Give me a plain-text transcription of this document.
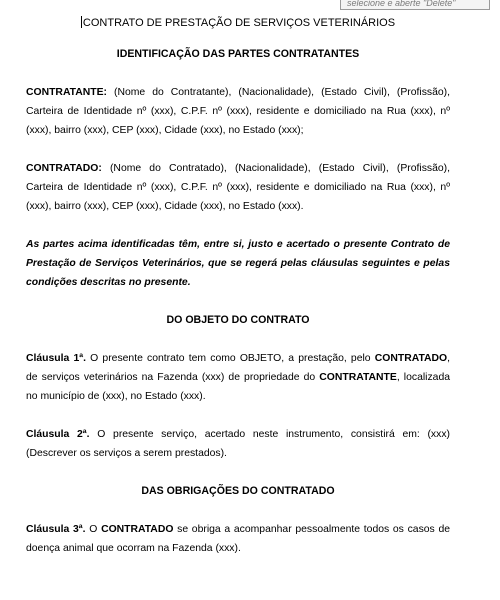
selecione e aberte "Delete"

CONTRATO DE PRESTAÇÃO DE SERVIÇOS VETERINÁRIOS

IDENTIFICAÇÃO DAS PARTES CONTRATANTES

CONTRATANTE: (Nome do Contratante), (Nacionalidade), (Estado Civil), (Profissão), Carteira de Identidade nº (xxx), C.P.F. nº (xxx), residente e domiciliado na Rua (xxx), nº (xxx), bairro (xxx), CEP (xxx), Cidade (xxx), no Estado (xxx);

CONTRATADO: (Nome do Contratado), (Nacionalidade), (Estado Civil), (Profissão), Carteira de Identidade nº (xxx), C.P.F. nº (xxx), residente e domiciliado na Rua (xxx), nº (xxx), bairro (xxx), CEP (xxx), Cidade (xxx), no Estado (xxx).

As partes acima identificadas têm, entre si, justo e acertado o presente Contrato de Prestação de Serviços Veterinários, que se regerá pelas cláusulas seguintes e pelas condições descritas no presente.

DO OBJETO DO CONTRATO

Cláusula 1ª. O presente contrato tem como OBJETO, a prestação, pelo CONTRATADO, de serviços veterinários na Fazenda (xxx) de propriedade do CONTRATANTE, localizada no município de (xxx), no Estado (xxx).

Cláusula 2ª. O presente serviço, acertado neste instrumento, consistirá em: (xxx) (Descrever os serviços a serem prestados).

DAS OBRIGAÇÕES DO CONTRATADO

Cláusula 3ª. O CONTRATADO se obriga a acompanhar pessoalmente todos os casos de doença animal que ocorram na Fazenda (xxx).
